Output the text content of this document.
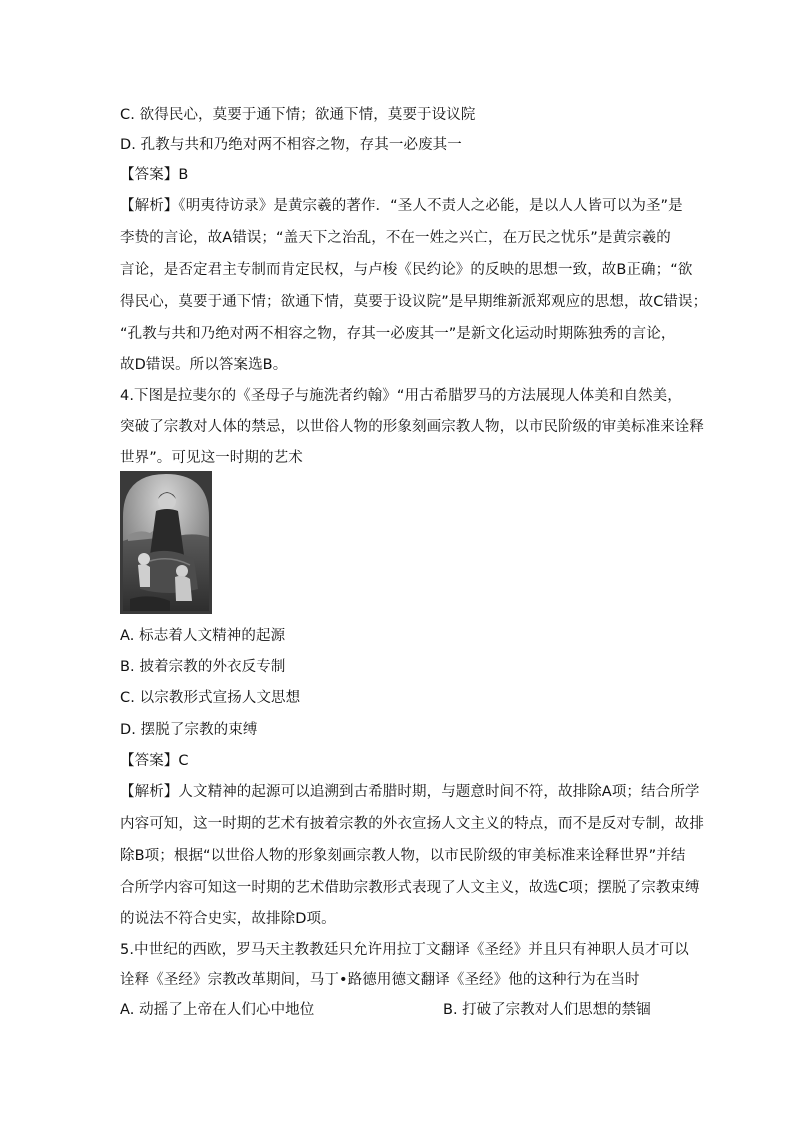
C. 欲得民心，莫要于通下情；欲通下情，莫要于设议院
D. 孔教与共和乃绝对两不相容之物，存其一必废其一
【答案】B
【解析】《明夷待访录》是黄宗羲的著作．“圣人不责人之必能，是以人人皆可以为圣”是
李贽的言论，故A错误；“盖天下之治乱，不在一姓之兴亡，在万民之忧乐”是黄宗羲的
言论，是否定君主专制而肯定民权，与卢梭《民约论》的反映的思想一致，故B正确；“欲
得民心，莫要于通下情；欲通下情，莫要于设议院”是早期维新派郑观应的思想，故C错误；
“孔教与共和乃绝对两不相容之物，存其一必废其一”是新文化运动时期陈独秀的言论，
故D错误。所以答案选B。
4.下图是拉斐尔的《圣母子与施洗者约翰》“用古希腊罗马的方法展现人体美和自然美，
突破了宗教对人体的禁忌，以世俗人物的形象刻画宗教人物，以市民阶级的审美标准来诠释
世界”。可见这一时期的艺术
A. 标志着人文精神的起源
B. 披着宗教的外衣反专制
C. 以宗教形式宣扬人文思想
D. 摆脱了宗教的束缚
【答案】C
【解析】人文精神的起源可以追溯到古希腊时期，与题意时间不符，故排除A项；结合所学
内容可知，这一时期的艺术有披着宗教的外衣宣扬人文主义的特点，而不是反对专制，故排
除B项；根据“以世俗人物的形象刻画宗教人物，以市民阶级的审美标准来诠释世界”并结
合所学内容可知这一时期的艺术借助宗教形式表现了人文主义，故选C项；摆脱了宗教束缚
的说法不符合史实，故排除D项。
5.中世纪的西欧，罗马天主教教廷只允许用拉丁文翻译《圣经》并且只有神职人员才可以
诠释《圣经》宗教改革期间，马丁•路德用德文翻译《圣经》他的这种行为在当时
A. 动摇了上帝在人们心中地位	B. 打破了宗教对人们思想的禁锢
